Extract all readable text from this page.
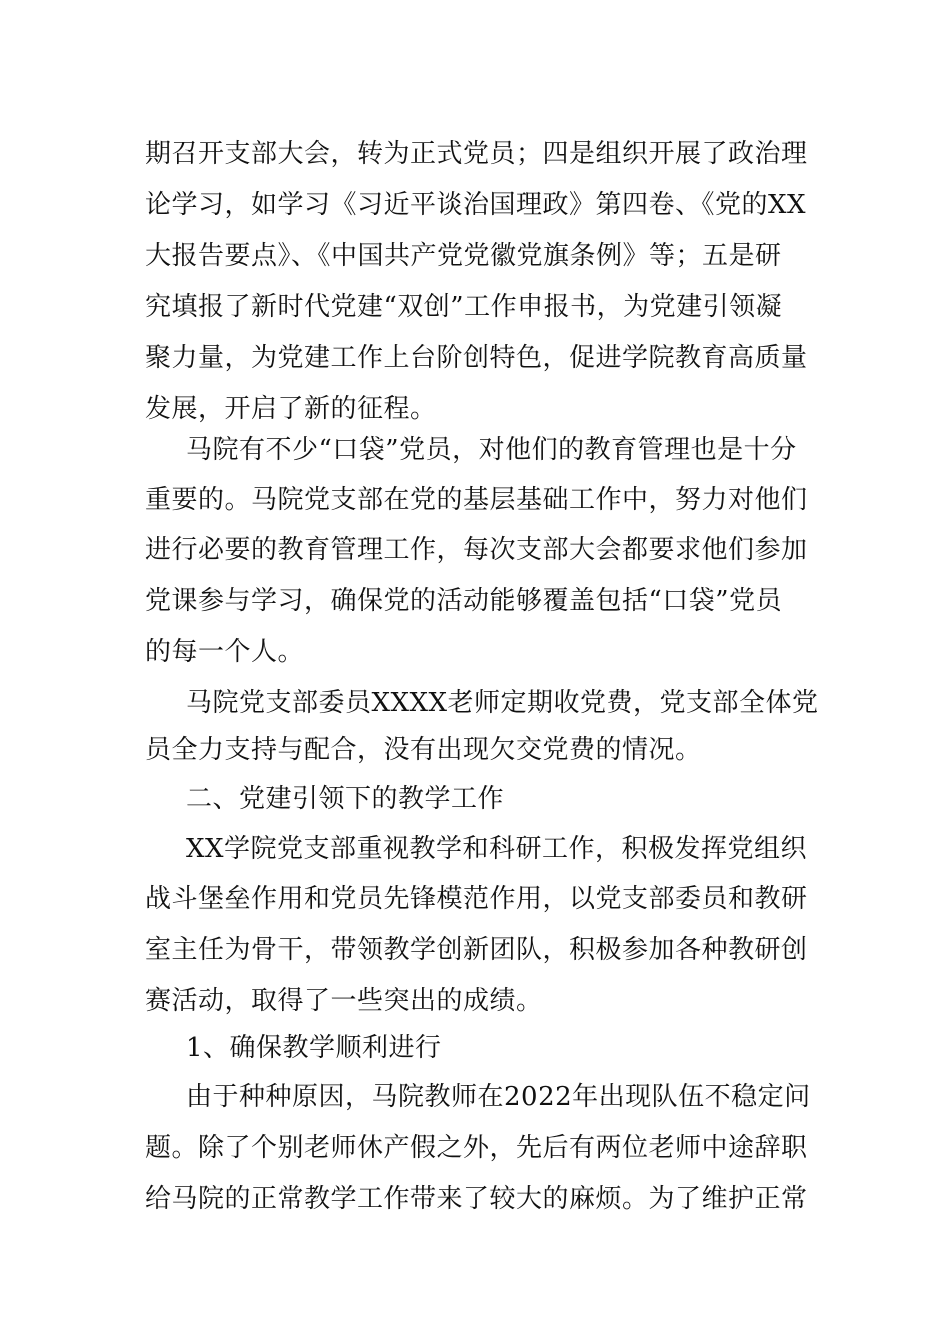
期召开支部大会，转为正式党员；四是组织开展了政治理
论学习，如学习《习近平谈治国理政》第四卷、《党的XX
大报告要点》、《中国共产党党徽党旗条例》等；五是研
究填报了新时代党建“双创”工作申报书，为党建引领凝
聚力量，为党建工作上台阶创特色，促进学院教育高质量
发展，开启了新的征程。
马院有不少“口袋”党员，对他们的教育管理也是十分
重要的。马院党支部在党的基层基础工作中，努力对他们
进行必要的教育管理工作，每次支部大会都要求他们参加
党课参与学习，确保党的活动能够覆盖包括“口袋”党员
的每一个人。
马院党支部委员XXXX老师定期收党费，党支部全体党
员全力支持与配合，没有出现欠交党费的情况。
二、党建引领下的教学工作
XX学院党支部重视教学和科研工作，积极发挥党组织
战斗堡垒作用和党员先锋模范作用，以党支部委员和教研
室主任为骨干，带领教学创新团队，积极参加各种教研创
赛活动，取得了一些突出的成绩。
1、确保教学顺利进行
由于种种原因，马院教师在2022年出现队伍不稳定问
题。除了个别老师休产假之外，先后有两位老师中途辞职
给马院的正常教学工作带来了较大的麻烦。为了维护正常
